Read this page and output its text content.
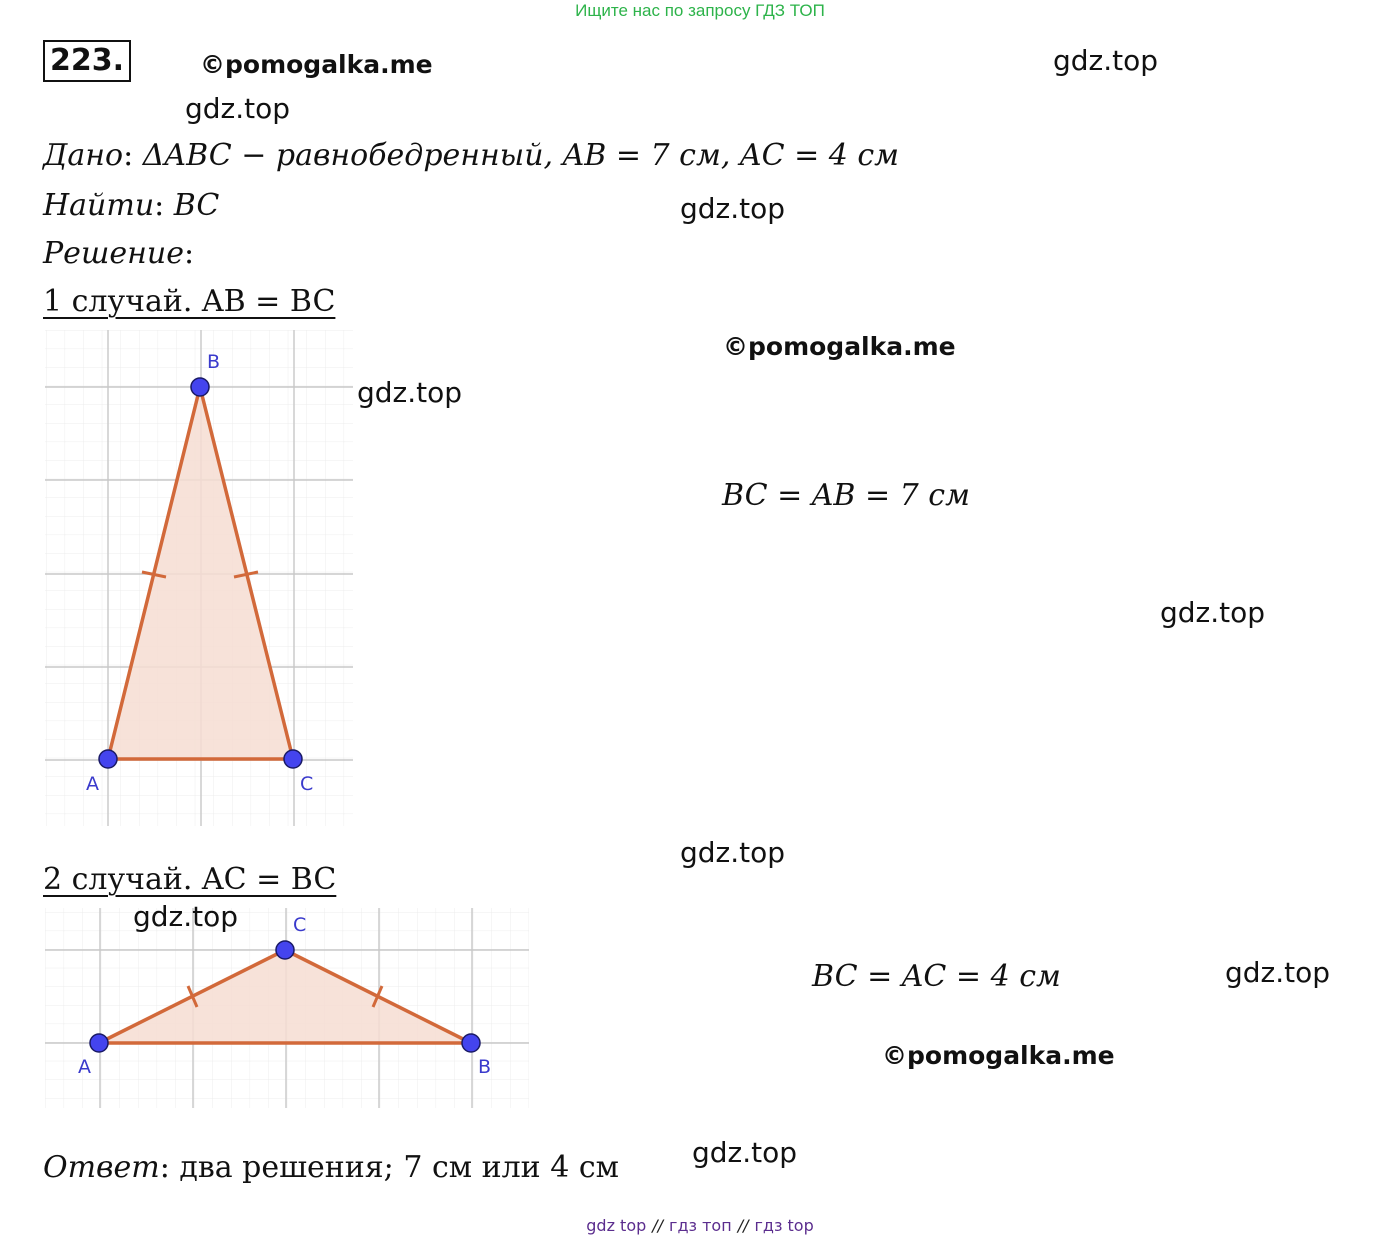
Ищите нас по запросу ГДЗ ТОП
223.	©pomogalka.me	gdz.top
gdz.top
Дано: ΔABC − равнобедренный, AB = 7 см, AC = 4 см
Найти: BC	gdz.top
Решение:
1 случай. AB = BC
©pomogalka.me
gdz.top
B
A	C
BC = AB = 7 см
gdz.top
gdz.top
2 случай. AC = BC
C
A	B
gdz.top
BC = AC = 4 см	gdz.top
©pomogalka.me
Ответ: два решения; 7 см или 4 см	gdz.top
gdz top // гдз топ // гдз top
